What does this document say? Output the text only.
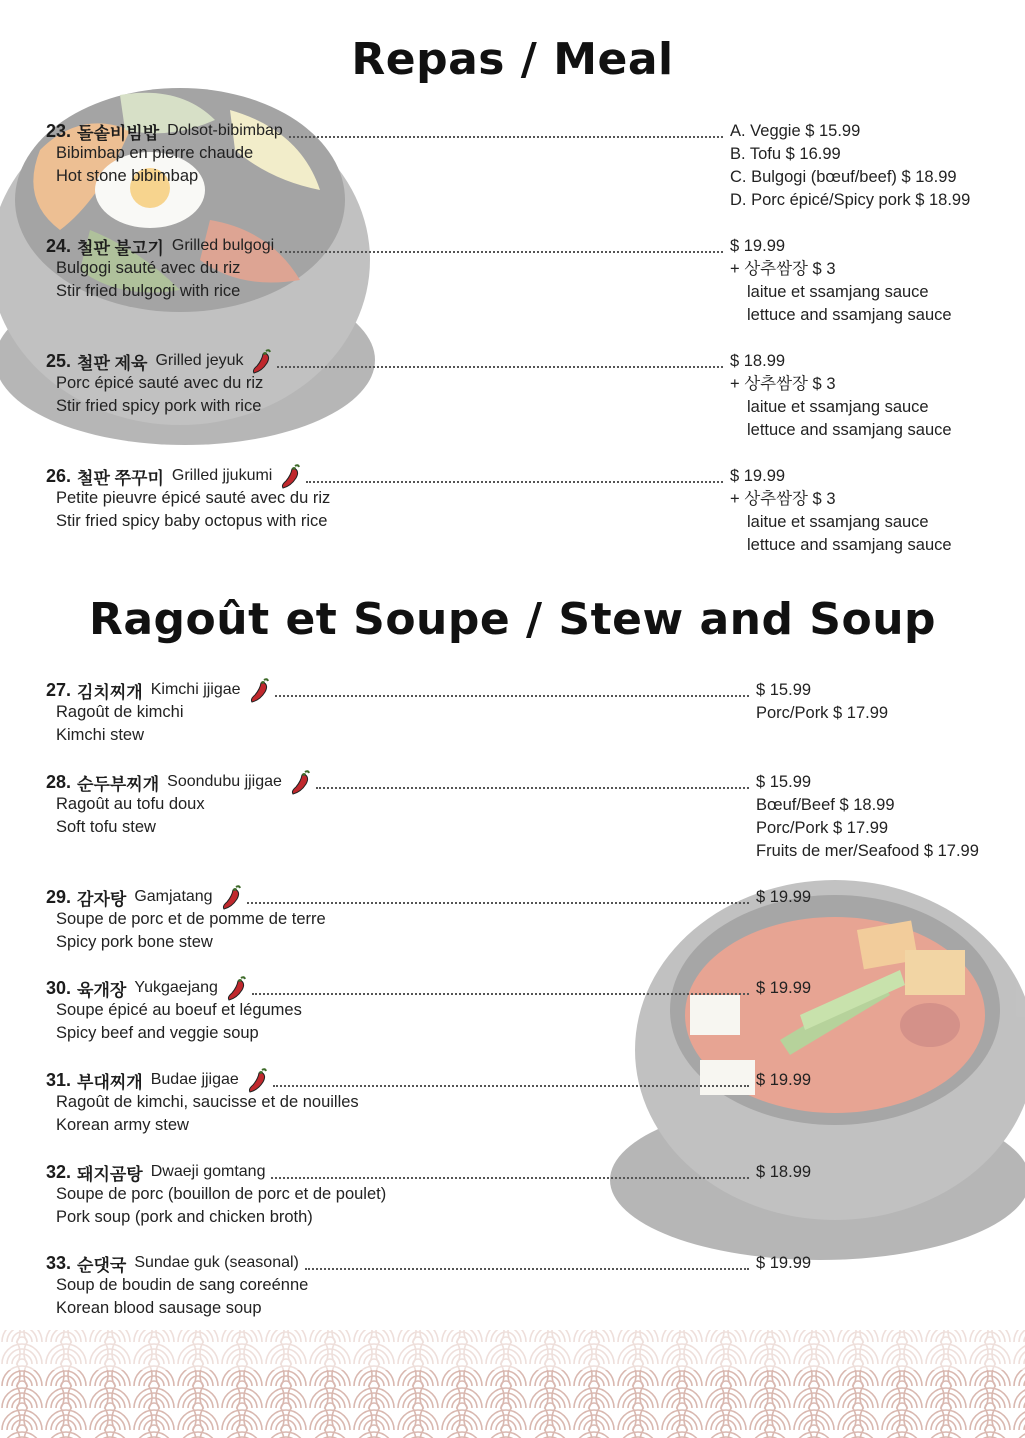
Repas / Meal
23. 돌솥비빔밥 Dolsot-bibimbap
Bibimbap en pierre chaude
Hot stone bibimbap
A. Veggie $ 15.99
B. Tofu $ 16.99
C. Bulgogi (bœuf/beef) $ 18.99
D. Porc épicé/Spicy pork $ 18.99
24. 철판 불고기 Grilled bulgogi
Bulgogi sauté avec du riz
Stir fried bulgogi with rice
$ 19.99
+ 상추쌈장 $ 3
laitue et ssamjang sauce
lettuce and ssamjang sauce
25. 철판 제육 Grilled jeyuk
Porc épicé sauté avec du riz
Stir fried spicy pork with rice
$ 18.99
+ 상추쌈장 $ 3
laitue et ssamjang sauce
lettuce and ssamjang sauce
26. 철판 쭈꾸미 Grilled jjukumi
Petite pieuvre épicé sauté avec du riz
Stir fried spicy baby octopus with rice
$ 19.99
+ 상추쌈장 $ 3
laitue et ssamjang sauce
lettuce and ssamjang sauce
Ragoût et Soupe / Stew and Soup
27. 김치찌개 Kimchi jjigae
Ragoût de kimchi
Kimchi stew
$ 15.99
Porc/Pork $ 17.99
28. 순두부찌개 Soondubu jjigae
Ragoût au tofu doux
Soft tofu stew
$ 15.99
Bœuf/Beef $ 18.99
Porc/Pork $ 17.99
Fruits de mer/Seafood $ 17.99
29. 감자탕 Gamjatang
Soupe de porc et de pomme de terre
Spicy pork bone stew
$ 19.99
30. 육개장 Yukgaejang
Soupe épicé au boeuf et légumes
Spicy beef and veggie soup
$ 19.99
31. 부대찌개 Budae jjigae
Ragoût de kimchi, saucisse et de nouilles
Korean army stew
$ 19.99
32. 돼지곰탕 Dwaeji gomtang
Soupe de porc (bouillon de porc et de poulet)
Pork soup (pork and chicken broth)
$ 18.99
33. 순댓국 Sundae guk (seasonal)
Soup de boudin de sang coreénne
Korean blood sausage soup
$ 19.99
